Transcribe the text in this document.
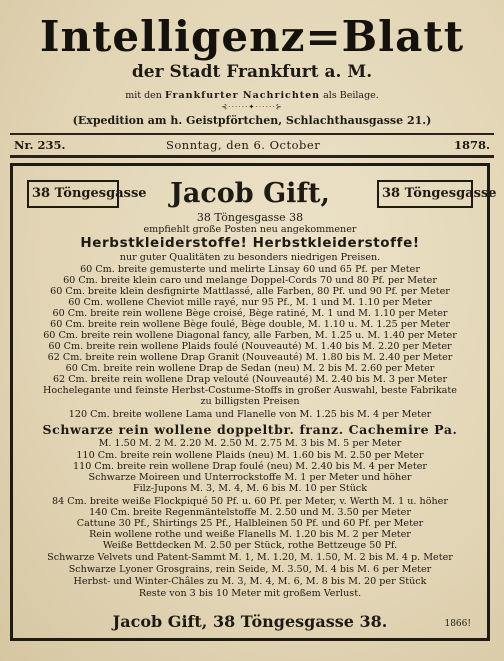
Intelligenz=Blatt
der Stadt Frankfurt a. M.
mit den Frankfurter Nachrichten als Beilage.
⊰⋅⋅⋅⋅⋅⋅✦⋅⋅⋅⋅⋅⋅⊱
(Expedition am h. Geistpförtchen, Schlachthausgasse 21.)
Nr. 235.	Sonntag, den 6. October	1878.
38 Töngesgasse	38 Töngesgasse
Jacob Gift,
38 Töngesgasse 38
empfiehlt große Posten neu angekommener
Herbstkleiderstoffe! Herbstkleiderstoffe!
nur guter Qualitäten zu besonders niedrigen Preisen.
60 Cm. breite gemusterte und melirte Linsay 60 und 65 Pf. per Meter
60 Cm. breite klein caro und melange Doppel-Cords 70 und 80 Pf. per Meter
60 Cm. breite klein desfignirte Mattlassé, alle Farben, 80 Pf. und 90 Pf. per Meter
60 Cm. wollene Cheviot mille rayé, nur 95 Pf., M. 1 und M. 1.10 per Meter
60 Cm. breite rein wollene Bège croisé, Bège ratiné, M. 1 und M. 1.10 per Meter
60 Cm. breite rein wollene Bège foulé, Bège double, M. 1.10 u. M. 1.25 per Meter
60 Cm. breite rein wollene Diagonal fancy, alle Farben, M. 1.25 u. M. 1.40 per Meter
60 Cm. breite rein wollene Plaids foulé (Nouveauté) M. 1.40 bis M. 2.20 per Meter
62 Cm. breite rein wollene Drap Granit (Nouveauté) M. 1.80 bis M. 2.40 per Meter
60 Cm. breite rein wollene Drap de Sedan (neu) M. 2 bis M. 2.60 per Meter
62 Cm. breite rein wollene Drap velouté (Nouveauté) M. 2.40 bis M. 3 per Meter
Hochelegante und feinste Herbst-Costume-Stoffs in großer Auswahl, beste Fabrikate
zu billigsten Preisen
120 Cm. breite wollene Lama und Flanelle von M. 1.25 bis M. 4 per Meter
Schwarze rein wollene doppeltbr. franz. Cachemire Pa.
M. 1.50 M. 2 M. 2.20 M. 2.50 M. 2.75 M. 3 bis M. 5 per Meter
110 Cm. breite rein wollene Plaids (neu) M. 1.60 bis M. 2.50 per Meter
110 Cm. breite rein wollene Drap foulé (neu) M. 2.40 bis M. 4 per Meter
Schwarze Moireen und Unterrockstoffe M. 1 per Meter und höher
Filz-Jupons M. 3, M. 4, M. 6 bis M. 10 per Stück
84 Cm. breite weiße Flockpiqué 50 Pf. u. 60 Pf. per Meter, v. Werth M. 1 u. höher
140 Cm. breite Regenmäntelstoffe M. 2.50 und M. 3.50 per Meter
Cattune 30 Pf., Shirtings 25 Pf., Halbleinen 50 Pf. und 60 Pf. per Meter
Rein wollene rothe und weiße Flanells M. 1.20 bis M. 2 per Meter
Weiße Bettdecken M. 2.50 per Stück, rothe Bettzeuge 50 Pf.
Schwarze Velvets und Patent-Sammt M. 1, M. 1.20, M. 1.50, M. 2 bis M. 4 p. Meter
Schwarze Lyoner Grosgrains, rein Seide, M. 3.50, M. 4 bis M. 6 per Meter
Herbst- und Winter-Châles zu M. 3, M. 4, M. 6, M. 8 bis M. 20 per Stück
Reste von 3 bis 10 Meter mit großem Verlust.
Jacob Gift, 38 Töngesgasse 38.	1866!
